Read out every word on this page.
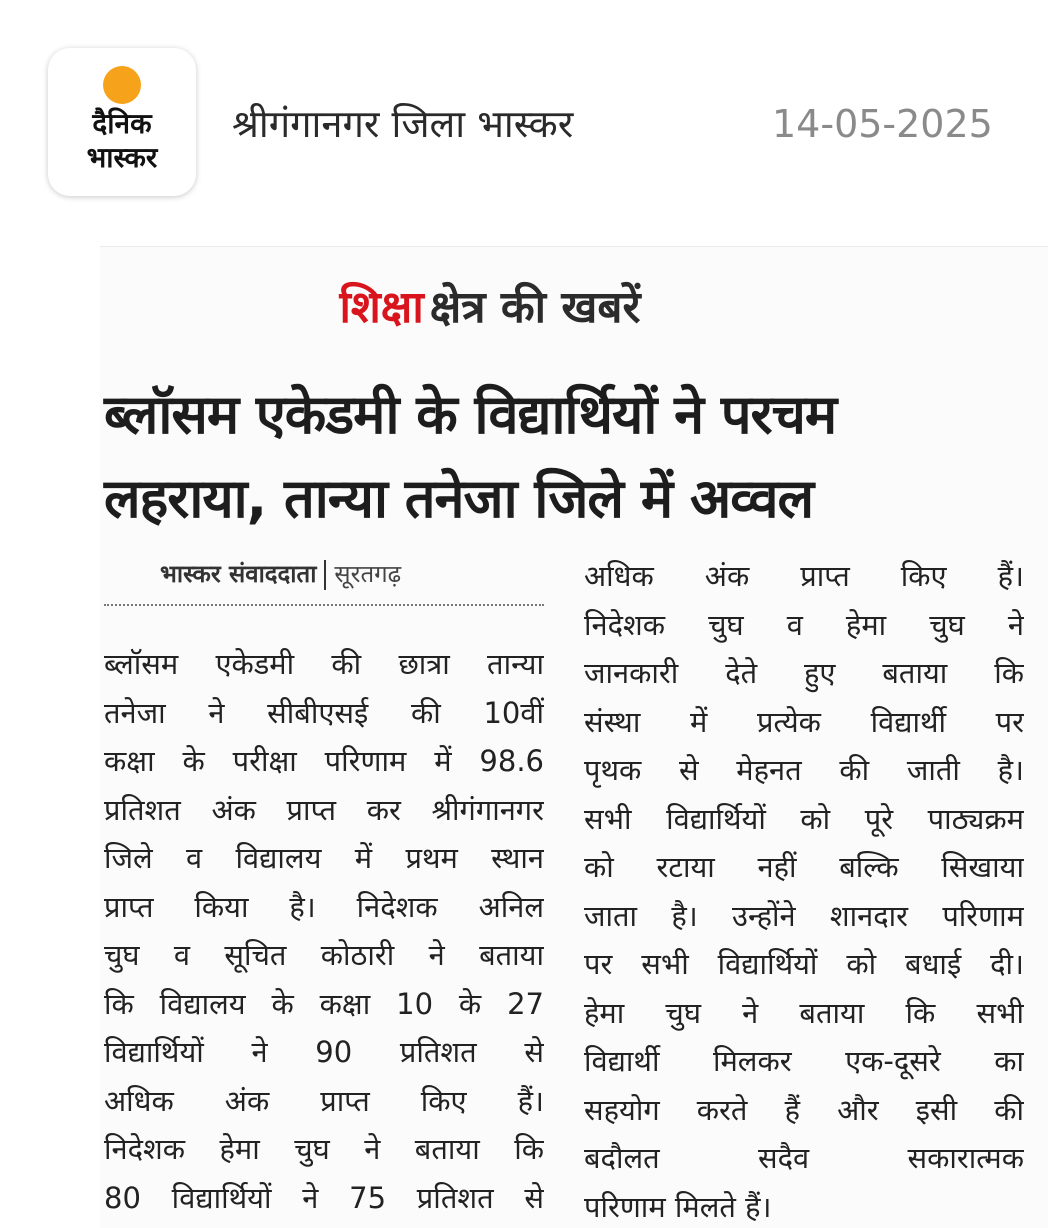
दैनिक
भास्कर
श्रीगंगानगर जिला भास्कर	14-05-2025
शिक्षा क्षेत्र की खबरें
ब्लॉसम एकेडमी के विद्यार्थियों ने परचम
लहराया, तान्या तनेजा जिले में अव्वल
भास्कर संवाददाता सूरतगढ़
ब्लॉसम एकेडमी की छात्रा तान्या
तनेजा ने सीबीएसई की 10वीं
कक्षा के परीक्षा परिणाम में 98.6
प्रतिशत अंक प्राप्त कर श्रीगंगानगर
जिले व विद्यालय में प्रथम स्थान
प्राप्त किया है। निदेशक अनिल
चुघ व सूचित कोठारी ने बताया
कि विद्यालय के कक्षा 10 के 27
विद्यार्थियों ने 90 प्रतिशत से
अधिक अंक प्राप्त किए हैं।
निदेशक हेमा चुघ ने बताया कि
80 विद्यार्थियों ने 75 प्रतिशत से
अधिक अंक प्राप्त किए हैं।
निदेशक चुघ व हेमा चुघ ने
जानकारी देते हुए बताया कि
संस्था में प्रत्येक विद्यार्थी पर
पृथक से मेहनत की जाती है।
सभी विद्यार्थियों को पूरे पाठ्यक्रम
को रटाया नहीं बल्कि सिखाया
जाता है। उन्होंने शानदार परिणाम
पर सभी विद्यार्थियों को बधाई दी।
हेमा चुघ ने बताया कि सभी
विद्यार्थी मिलकर एक-दूसरे का
सहयोग करते हैं और इसी की
बदौलत सदैव सकारात्मक
परिणाम मिलते हैं।
